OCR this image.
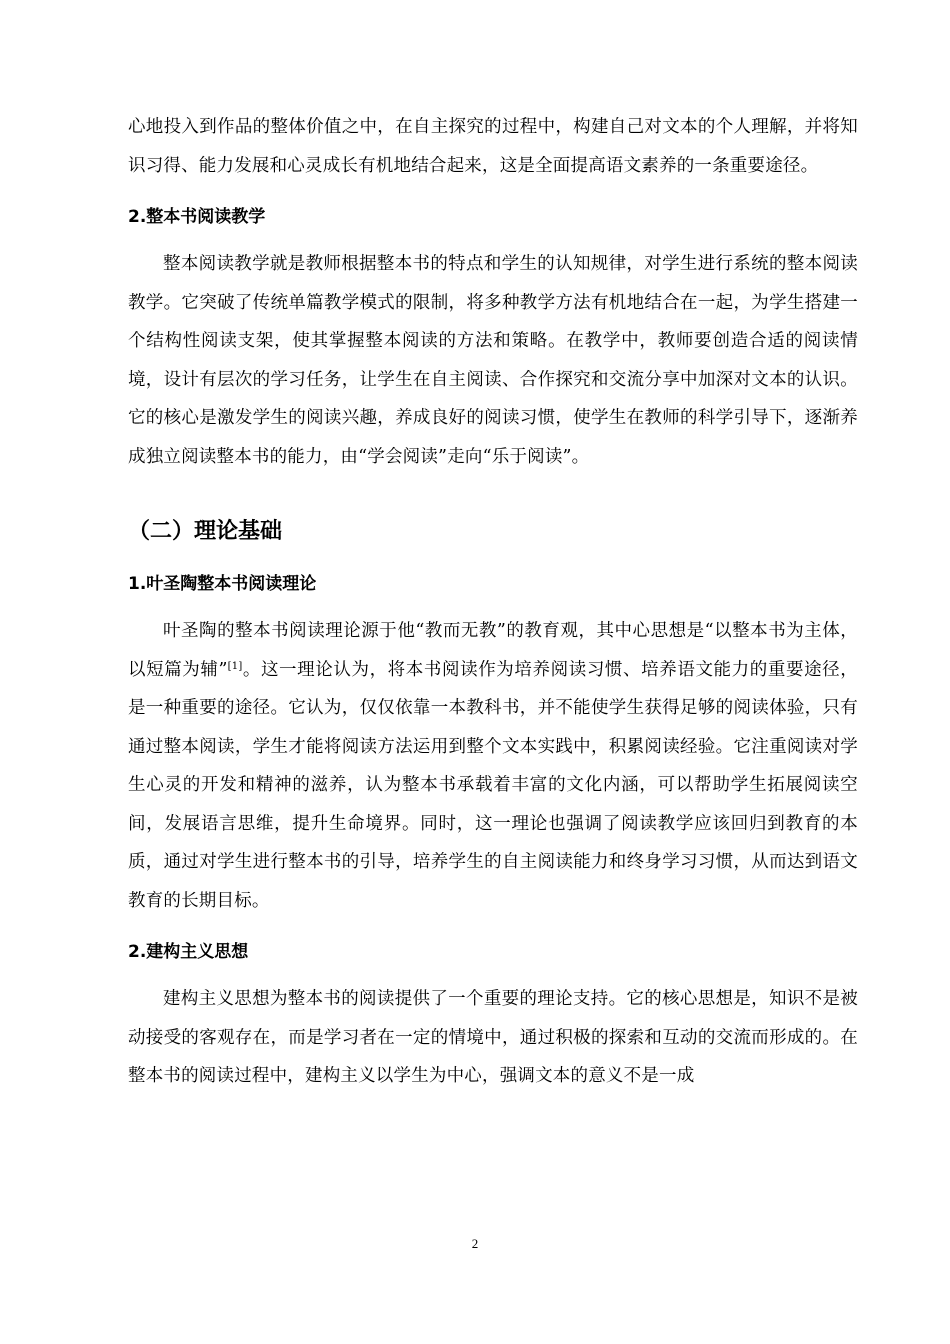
心地投入到作品的整体价值之中，在自主探究的过程中，构建自己对文本的个人理解，并将知识习得、能力发展和心灵成长有机地结合起来，这是全面提高语文素养的一条重要途径。

2.整本书阅读教学

整本阅读教学就是教师根据整本书的特点和学生的认知规律，对学生进行系统的整本阅读教学。它突破了传统单篇教学模式的限制，将多种教学方法有机地结合在一起，为学生搭建一个结构性阅读支架，使其掌握整本阅读的方法和策略。在教学中，教师要创造合适的阅读情境，设计有层次的学习任务，让学生在自主阅读、合作探究和交流分享中加深对文本的认识。它的核心是激发学生的阅读兴趣，养成良好的阅读习惯，使学生在教师的科学引导下，逐渐养成独立阅读整本书的能力，由“学会阅读”走向“乐于阅读”。

（二）理论基础
1.叶圣陶整本书阅读理论

叶圣陶的整本书阅读理论源于他“教而无教”的教育观，其中心思想是“以整本书为主体，以短篇为辅”[1]。这一理论认为，将本书阅读作为培养阅读习惯、培养语文能力的重要途径，是一种重要的途径。它认为，仅仅依靠一本教科书，并不能使学生获得足够的阅读体验，只有通过整本阅读，学生才能将阅读方法运用到整个文本实践中，积累阅读经验。它注重阅读对学生心灵的开发和精神的滋养，认为整本书承载着丰富的文化内涵，可以帮助学生拓展阅读空间，发展语言思维，提升生命境界。同时，这一理论也强调了阅读教学应该回归到教育的本质，通过对学生进行整本书的引导，培养学生的自主阅读能力和终身学习习惯，从而达到语文教育的长期目标。

2.建构主义思想

建构主义思想为整本书的阅读提供了一个重要的理论支持。它的核心思想是，知识不是被动接受的客观存在，而是学习者在一定的情境中，通过积极的探索和互动的交流而形成的。在整本书的阅读过程中，建构主义以学生为中心，强调文本的意义不是一成

2
